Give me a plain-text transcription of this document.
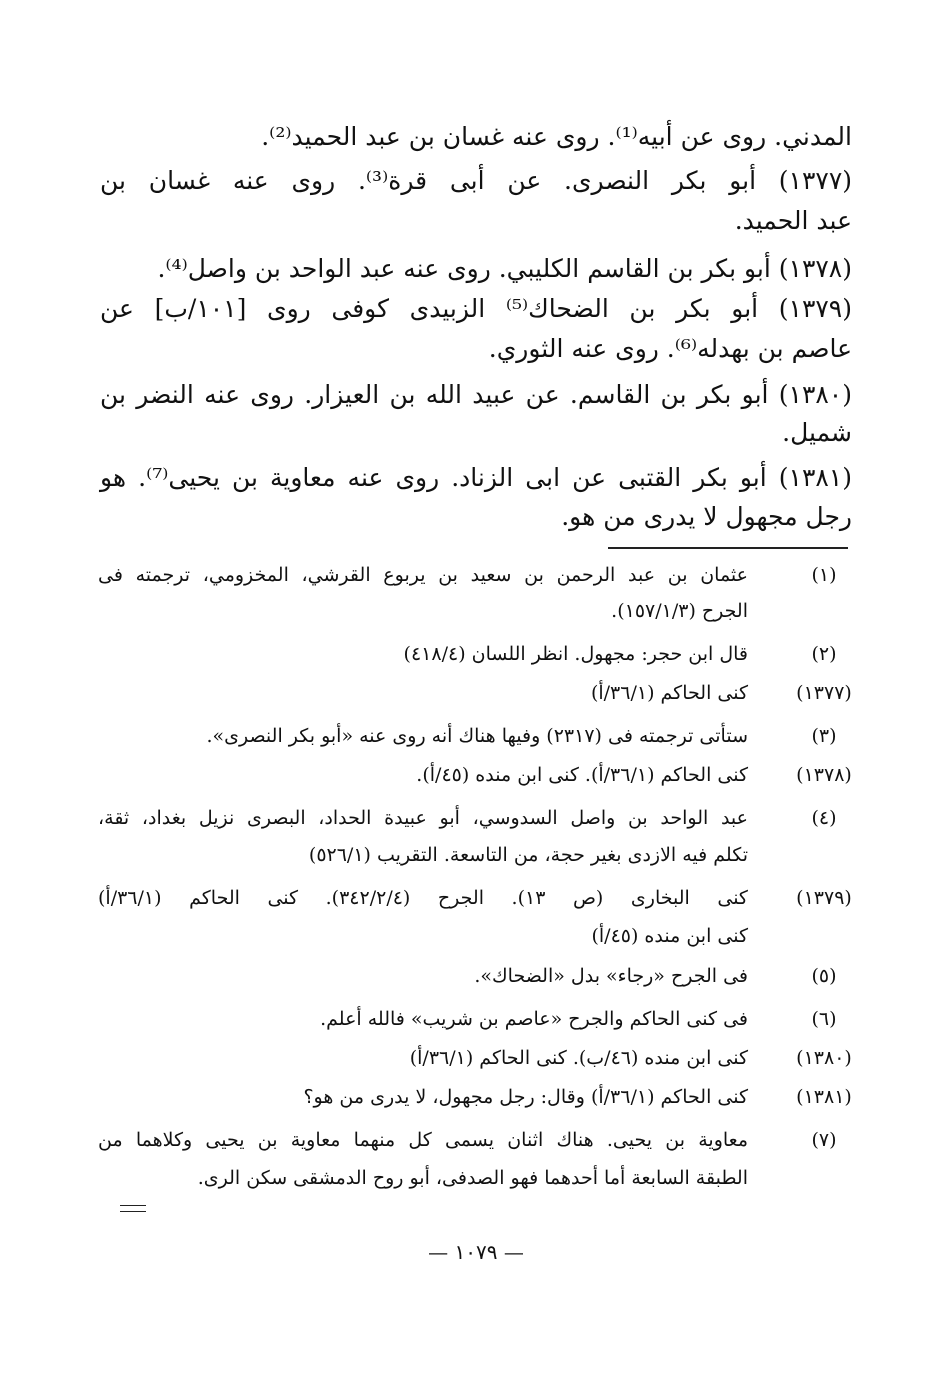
المدني. روى عن أبيه⁽¹⁾. روى عنه غسان بن عبد الحميد⁽²⁾.
(١٣٧٧) أبو بكر النصرى. عن أبى قرة⁽³⁾. روى عنه غسان بن
عبد الحميد.
(١٣٧٨) أبو بكر بن القاسم الكليبي. روى عنه عبد الواحد بن واصل⁽⁴⁾.
(١٣٧٩) أبو بكر بن الضحاك⁽⁵⁾ الزبيدى كوفى روى [١٠١/ب] عن
عاصم بن بهدله⁽⁶⁾. روى عنه الثوري.
(١٣٨٠) أبو بكر بن القاسم. عن عبيد الله بن العيزار. روى عنه النضر بن
شميل.
(١٣٨١) أبو بكر القتبى عن ابى الزناد. روى عنه معاوية بن يحيى⁽⁷⁾. هو
رجل مجهول لا يدرى من هو.
(١)
عثمان بن عبد الرحمن بن سعيد بن يربوع القرشي، المخزومي، ترجمته فى
الجرح (١٥٧/١/٣).
(٢)
قال ابن حجر: مجهول. انظر اللسان (٤١٨/٤)
(١٣٧٧)
كنى الحاكم (٣٦/١/أ)
(٣)
ستأتى ترجمته فى (٢٣١٧) وفيها هناك أنه روى عنه «أبو بكر النصرى».
(١٣٧٨)
كنى الحاكم (٣٦/١/أ). كنى ابن منده (٤٥/أ).
(٤)
عبد الواحد بن واصل السدوسي، أبو عبيدة الحداد، البصرى نزيل بغداد، ثقة،
تكلم فيه الازدى بغير حجة، من التاسعة. التقريب (٥٢٦/١)
(١٣٧٩)
كنى البخارى (ص ١٣). الجرح (٣٤٢/٢/٤). كنى الحاكم (٣٦/١/أ)
كنى ابن منده (٤٥/أ)
(٥)
فى الجرح «رجاء» بدل «الضحاك».
(٦)
فى كنى الحاكم والجرح «عاصم بن شريب» فالله أعلم.
(١٣٨٠)
كنى ابن منده (٤٦/ب). كنى الحاكم (٣٦/١/أ)
(١٣٨١)
كنى الحاكم (٣٦/١/أ) وقال: رجل مجهول، لا يدرى من هو؟
(٧)
معاوية بن يحيى. هناك اثنان يسمى كل منهما معاوية بن يحيى وكلاهما من
الطبقة السابعة أما أحدهما فهو الصدفى، أبو روح الدمشقى سكن الرى.
— ١٠٧٩ —
